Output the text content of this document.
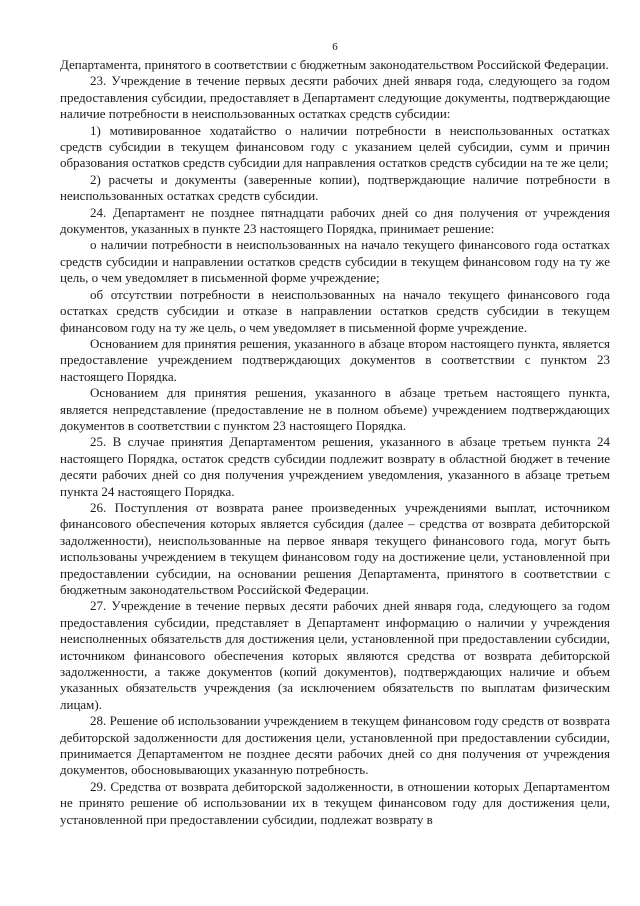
6

Департамента, принятого в соответствии с бюджетным законодательством Российской Федерации.

23. Учреждение в течение первых десяти рабочих дней января года, следующего за годом предоставления субсидии, предоставляет в Департамент следующие документы, подтверждающие наличие потребности в неиспользованных остатках средств субсидии:

1) мотивированное ходатайство о наличии потребности в неиспользованных остатках средств субсидии в текущем финансовом году с указанием целей субсидии, сумм и причин образования остатков средств субсидии для направления остатков средств субсидии на те же цели;

2) расчеты и документы (заверенные копии), подтверждающие наличие потребности в неиспользованных остатках средств субсидии.

24. Департамент не позднее пятнадцати рабочих дней со дня получения от учреждения документов, указанных в пункте 23 настоящего Порядка, принимает решение:

о наличии потребности в неиспользованных на начало текущего финансового года остатках средств субсидии и направлении остатков средств субсидии в текущем финансовом году на ту же цель, о чем уведомляет в письменной форме учреждение;

об отсутствии потребности в неиспользованных на начало текущего финансового года остатках средств субсидии и отказе в направлении остатков средств субсидии в текущем финансовом году на ту же цель, о чем уведомляет в письменной форме учреждение.

Основанием для принятия решения, указанного в абзаце втором настоящего пункта, является предоставление учреждением подтверждающих документов в соответствии с пунктом 23 настоящего Порядка.

Основанием для принятия решения, указанного в абзаце третьем настоящего пункта, является непредставление (предоставление не в полном объеме) учреждением подтверждающих документов в соответствии с пунктом 23 настоящего Порядка.

25. В случае принятия Департаментом решения, указанного в абзаце третьем пункта 24 настоящего Порядка, остаток средств субсидии подлежит возврату в областной бюджет в течение десяти рабочих дней со дня получения учреждением уведомления, указанного в абзаце третьем пункта 24 настоящего Порядка.

26. Поступления от возврата ранее произведенных учреждениями выплат, источником финансового обеспечения которых является субсидия (далее – средства от возврата дебиторской задолженности), неиспользованные на первое января текущего финансового года, могут быть использованы учреждением в текущем финансовом году на достижение цели, установленной при предоставлении субсидии, на основании решения Департамента, принятого в соответствии с бюджетным законодательством Российской Федерации.

27. Учреждение в течение первых десяти рабочих дней января года, следующего за годом предоставления субсидии, представляет в Департамент информацию о наличии у учреждения неисполненных обязательств для достижения цели, установленной при предоставлении субсидии, источником финансового обеспечения которых являются средства от возврата дебиторской задолженности, а также документов (копий документов), подтверждающих наличие и объем указанных обязательств учреждения (за исключением обязательств по выплатам физическим лицам).

28. Решение об использовании учреждением в текущем финансовом году средств от возврата дебиторской задолженности для достижения цели, установленной при предоставлении субсидии, принимается Департаментом не позднее десяти рабочих дней со дня получения от учреждения документов, обосновывающих указанную потребность.

29. Средства от возврата дебиторской задолженности, в отношении которых Департаментом не принято решение об использовании их в текущем финансовом году для достижения цели, установленной при предоставлении субсидии, подлежат возврату в
